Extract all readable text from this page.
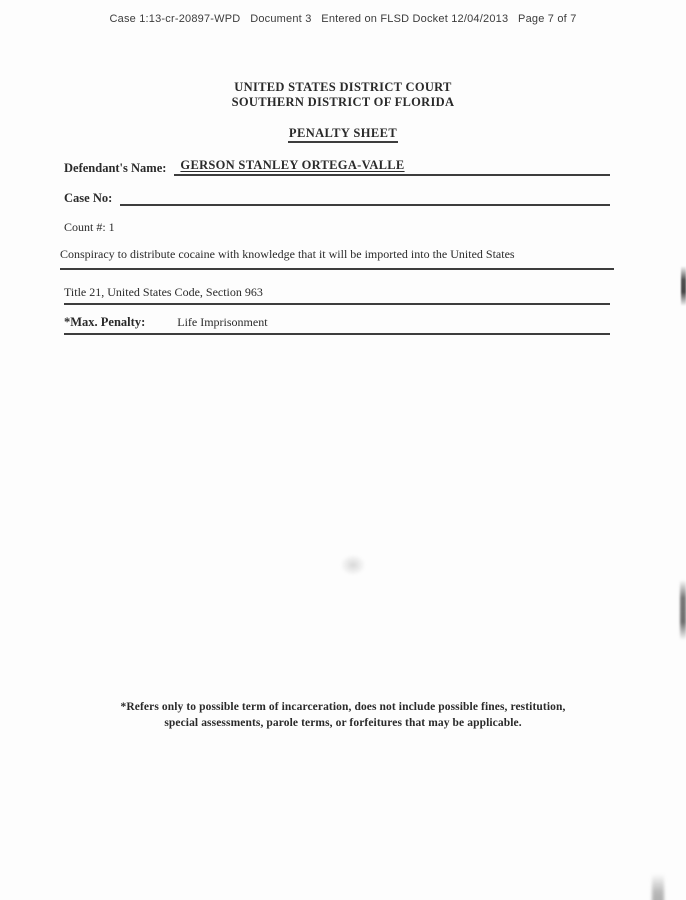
Case 1:13-cr-20897-WPD   Document 3   Entered on FLSD Docket 12/04/2013   Page 7 of 7
UNITED STATES DISTRICT COURT
SOUTHERN DISTRICT OF FLORIDA
PENALTY SHEET
Defendant's Name:	GERSON STANLEY ORTEGA-VALLE
Case No:
Count #: 1
Conspiracy to distribute cocaine with knowledge that it will be imported into the United States
Title 21, United States Code, Section 963
*Max. Penalty:	Life Imprisonment
*Refers only to possible term of incarceration, does not include possible fines, restitution,
special assessments, parole terms, or forfeitures that may be applicable.
